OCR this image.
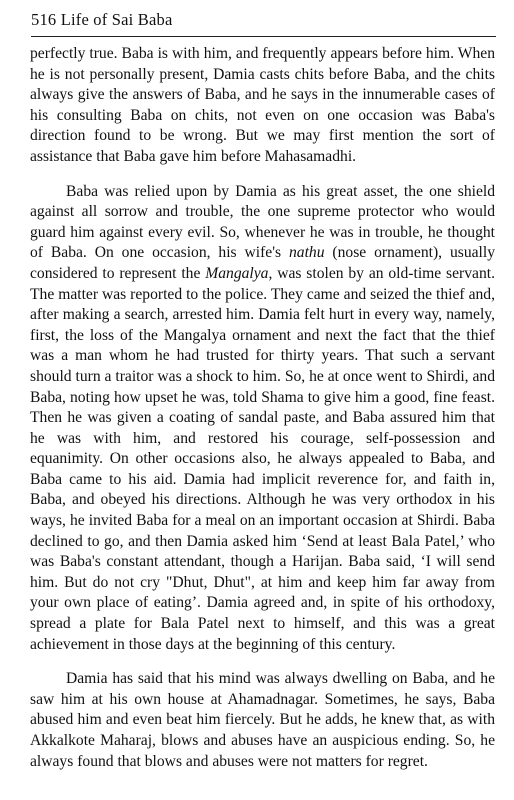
516 Life of Sai Baba

perfectly true. Baba is with him, and frequently appears before him. When he is not personally present, Damia casts chits before Baba, and the chits always give the answers of Baba, and he says in the innumerable cases of his consulting Baba on chits, not even on one occasion was Baba's direction found to be wrong. But we may first mention the sort of assistance that Baba gave him before Mahasamadhi.

Baba was relied upon by Damia as his great asset, the one shield against all sorrow and trouble, the one supreme protector who would guard him against every evil. So, whenever he was in trouble, he thought of Baba. On one occasion, his wife's nathu (nose ornament), usually considered to represent the Mangalya, was stolen by an old-time servant. The matter was reported to the police. They came and seized the thief and, after making a search, arrested him. Damia felt hurt in every way, namely, first, the loss of the Mangalya ornament and next the fact that the thief was a man whom he had trusted for thirty years. That such a servant should turn a traitor was a shock to him. So, he at once went to Shirdi, and Baba, noting how upset he was, told Shama to give him a good, fine feast. Then he was given a coating of sandal paste, and Baba assured him that he was with him, and restored his courage, self-possession and equanimity. On other occasions also, he always appealed to Baba, and Baba came to his aid. Damia had implicit reverence for, and faith in, Baba, and obeyed his directions. Although he was very orthodox in his ways, he invited Baba for a meal on an important occasion at Shirdi. Baba declined to go, and then Damia asked him ‘Send at least Bala Patel,’ who was Baba's constant attendant, though a Harijan. Baba said, ‘I will send him. But do not cry "Dhut, Dhut", at him and keep him far away from your own place of eating’. Damia agreed and, in spite of his orthodoxy, spread a plate for Bala Patel next to himself, and this was a great achievement in those days at the beginning of this century.

Damia has said that his mind was always dwelling on Baba, and he saw him at his own house at Ahamadnagar. Sometimes, he says, Baba abused him and even beat him fiercely. But he adds, he knew that, as with Akkalkote Maharaj, blows and abuses have an auspicious ending. So, he always found that blows and abuses were not matters for regret.
